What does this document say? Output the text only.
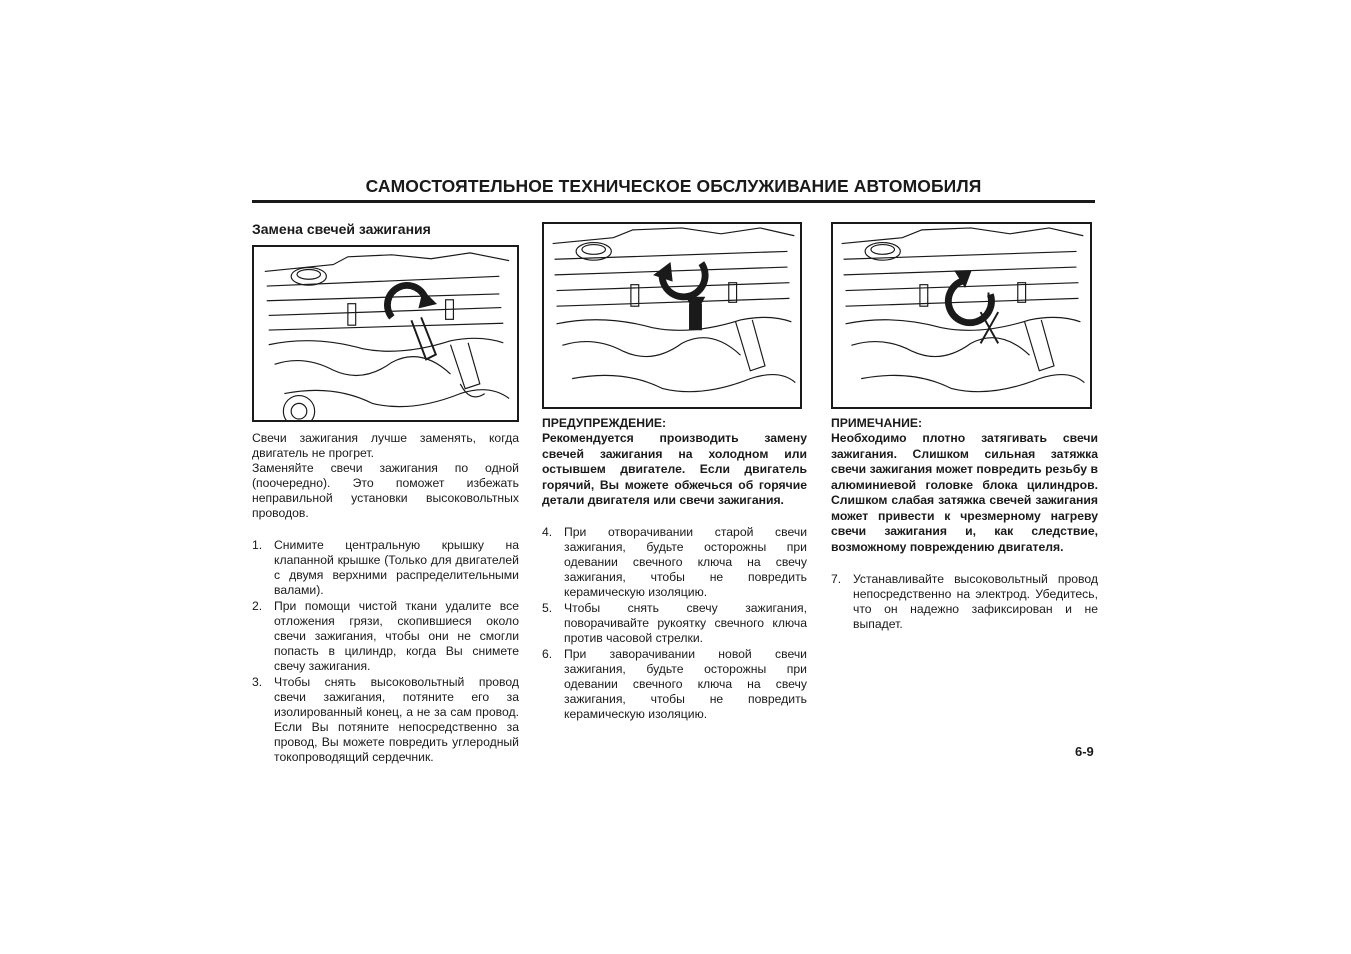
САМОСТОЯТЕЛЬНОЕ ТЕХНИЧЕСКОЕ ОБСЛУЖИВАНИЕ АВТОМОБИЛЯ
Замена свечей зажигания

Свечи зажигания лучше заменять, когда двигатель не прогрет.

Заменяйте свечи зажигания по одной (поочередно). Это поможет избежать неправильной установки высоковольтных проводов.

1. Снимите центральную крышку на клапанной крышке (Только для двигателей с двумя верхними распределительными валами).
2. При помощи чистой ткани удалите все отложения грязи, скопившиеся около свечи зажигания, чтобы они не смогли попасть в цилиндр, когда Вы снимете свечу зажигания.
3. Чтобы снять высоковольтный провод свечи зажигания, потяните его за изолированный конец, а не за сам провод. Если Вы потяните непосредственно за провод, Вы можете повредить углеродный токопроводящий сердечник.

ПРЕДУПРЕЖДЕНИЕ:

Рекомендуется производить замену свечей зажигания на холодном или остывшем двигателе. Если двигатель горячий, Вы можете обжечься об горячие детали двигателя или свечи зажигания.

4. При отворачивании старой свечи зажигания, будьте осторожны при одевании свечного ключа на свечу зажигания, чтобы не повредить керамическую изоляцию.
5. Чтобы снять свечу зажигания, поворачивайте рукоятку свечного ключа против часовой стрелки.
6. При заворачивании новой свечи зажигания, будьте осторожны при одевании свечного ключа на свечу зажигания, чтобы не повредить керамическую изоляцию.

ПРИМЕЧАНИЕ:

Необходимо плотно затягивать свечи зажигания. Слишком сильная затяжка свечи зажигания может повредить резьбу в алюминиевой головке блока цилиндров. Слишком слабая затяжка свечей зажигания может привести к чрезмерному нагреву свечи зажигания и, как следствие, возможному повреждению двигателя.

7. Устанавливайте высоковольтный провод непосредственно на электрод. Убедитесь, что он надежно зафиксирован и не выпадет.
6-9
